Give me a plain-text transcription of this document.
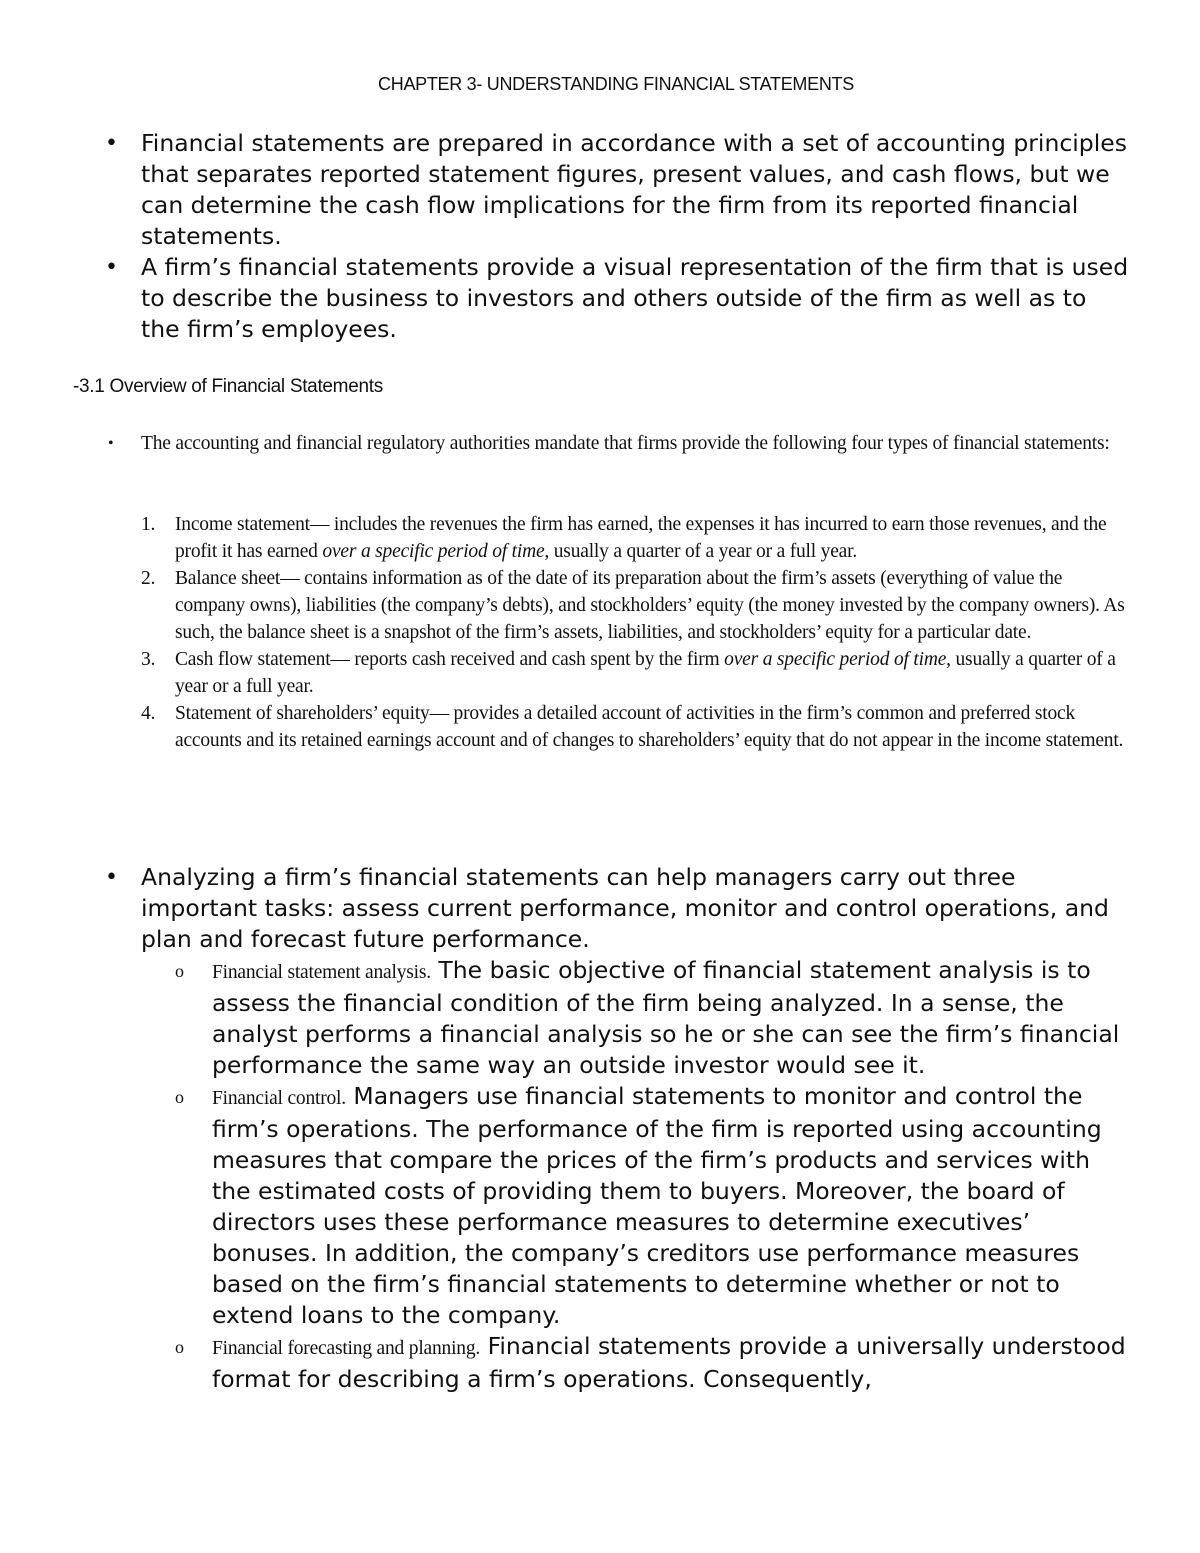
CHAPTER 3- UNDERSTANDING FINANCIAL STATEMENTS
• Financial statements are prepared in accordance with a set of accounting principles that separates reported statement figures, present values, and cash flows, but we can determine the cash flow implications for the firm from its reported financial statements.
• A firm’s financial statements provide a visual representation of the firm that is used to describe the business to investors and others outside of the firm as well as to the firm’s employees.
-3.1 Overview of Financial Statements
• The accounting and financial regulatory authorities mandate that firms provide the following four types of financial statements:
1. Income statement— includes the revenues the firm has earned, the expenses it has incurred to earn those revenues, and the profit it has earned over a specific period of time, usually a quarter of a year or a full year.
2. Balance sheet— contains information as of the date of its preparation about the firm’s assets (everything of value the company owns), liabilities (the company’s debts), and stockholders’ equity (the money invested by the company owners). As such, the balance sheet is a snapshot of the firm’s assets, liabilities, and stockholders’ equity for a particular date.
3. Cash flow statement— reports cash received and cash spent by the firm over a specific period of time, usually a quarter of a year or a full year.
4. Statement of shareholders’ equity— provides a detailed account of activities in the firm’s common and preferred stock accounts and its retained earnings account and of changes to shareholders’ equity that do not appear in the income statement.
• Analyzing a firm’s financial statements can help managers carry out three important tasks: assess current performance, monitor and control operations, and plan and forecast future performance.
o Financial statement analysis. The basic objective of financial statement analysis is to assess the financial condition of the firm being analyzed. In a sense, the analyst performs a financial analysis so he or she can see the firm’s financial performance the same way an outside investor would see it.
o Financial control. Managers use financial statements to monitor and control the firm’s operations. The performance of the firm is reported using accounting measures that compare the prices of the firm’s products and services with the estimated costs of providing them to buyers. Moreover, the board of directors uses these performance measures to determine executives’ bonuses. In addition, the company’s creditors use performance measures based on the firm’s financial statements to determine whether or not to extend loans to the company.
o Financial forecasting and planning. Financial statements provide a universally understood format for describing a firm’s operations. Consequently,
